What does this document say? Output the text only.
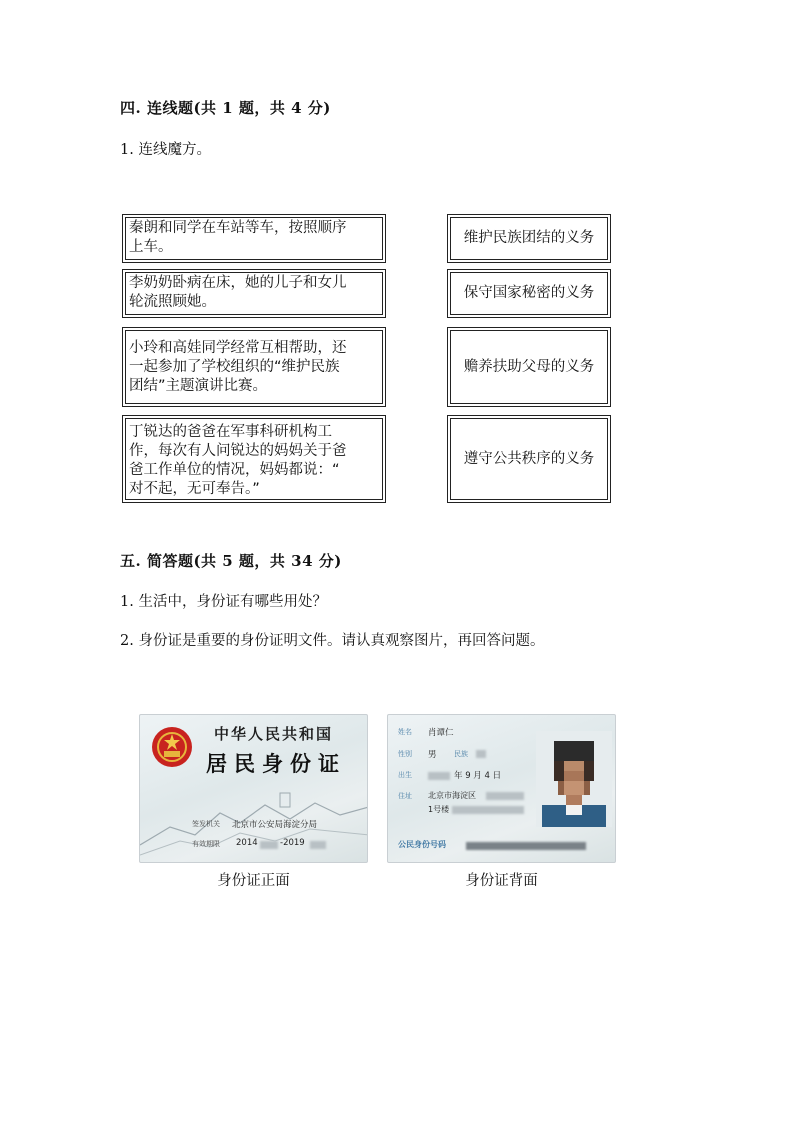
四. 连线题(共 1 题，共 4 分)
1. 连线魔方。
秦朗和同学在车站等车，按照顺序
上车。
李奶奶卧病在床，她的儿子和女儿
轮流照顾她。
小玲和高娃同学经常互相帮助，还
一起参加了学校组织的“维护民族
团结”主题演讲比赛。
丁锐达的爸爸在军事科研机构工
作，每次有人问锐达的妈妈关于爸
爸工作单位的情况，妈妈都说：“
对不起，无可奉告。”
维护民族团结的义务
保守国家秘密的义务
赡养扶助父母的义务
遵守公共秩序的义务
五. 简答题(共 5 题，共 34 分)
1. 生活中，身份证有哪些用处？
2. 身份证是重要的身份证明文件。请认真观察图片，再回答问题。
中华人民共和国
居民身份证
签发机关 北京市公安局海淀分局
有效期限 2014	-2019
身份证正面
姓名 肖谭仁
性别 男 民族
出生	年 9 月 4 日
住址 北京市海淀区
1号楼
公民身份号码
身份证背面
